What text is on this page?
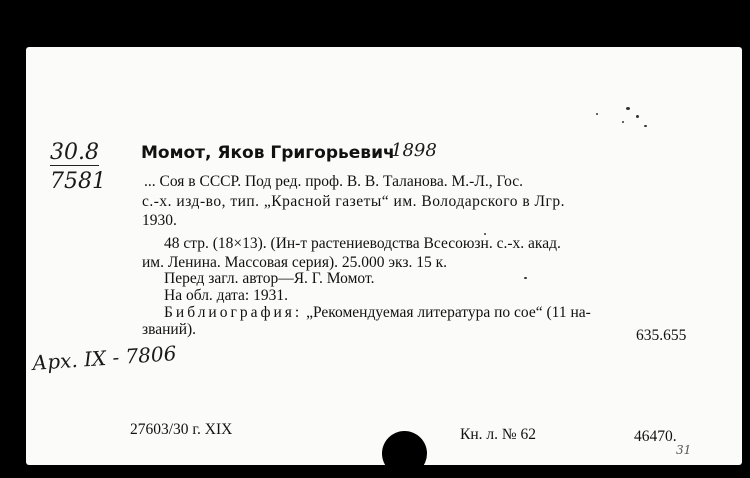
30.8
7581
Момот, Яков Григорьевич
1898
... Соя в СССР. Под ред. проф. В. В. Таланова. М.-Л., Гос.
с.-х. изд-во, тип. „Красной газеты“ им. Володарского в Лгр.
1930.
48 стр. (18×13). (Ин-т растениеводства Всесоюзн. с.-х. акад.
им. Ленина. Массовая серия). 25.000 экз. 15 к.
Перед загл. автор—Я. Г. Момот.
На обл. дата: 1931.
Библиография: „Рекомендуемая литература по сое“ (11 на-
званий).	635.655
Арх. IX - 7806
27603/30 г. XIX	Кн. л. № 62	46470.
31
